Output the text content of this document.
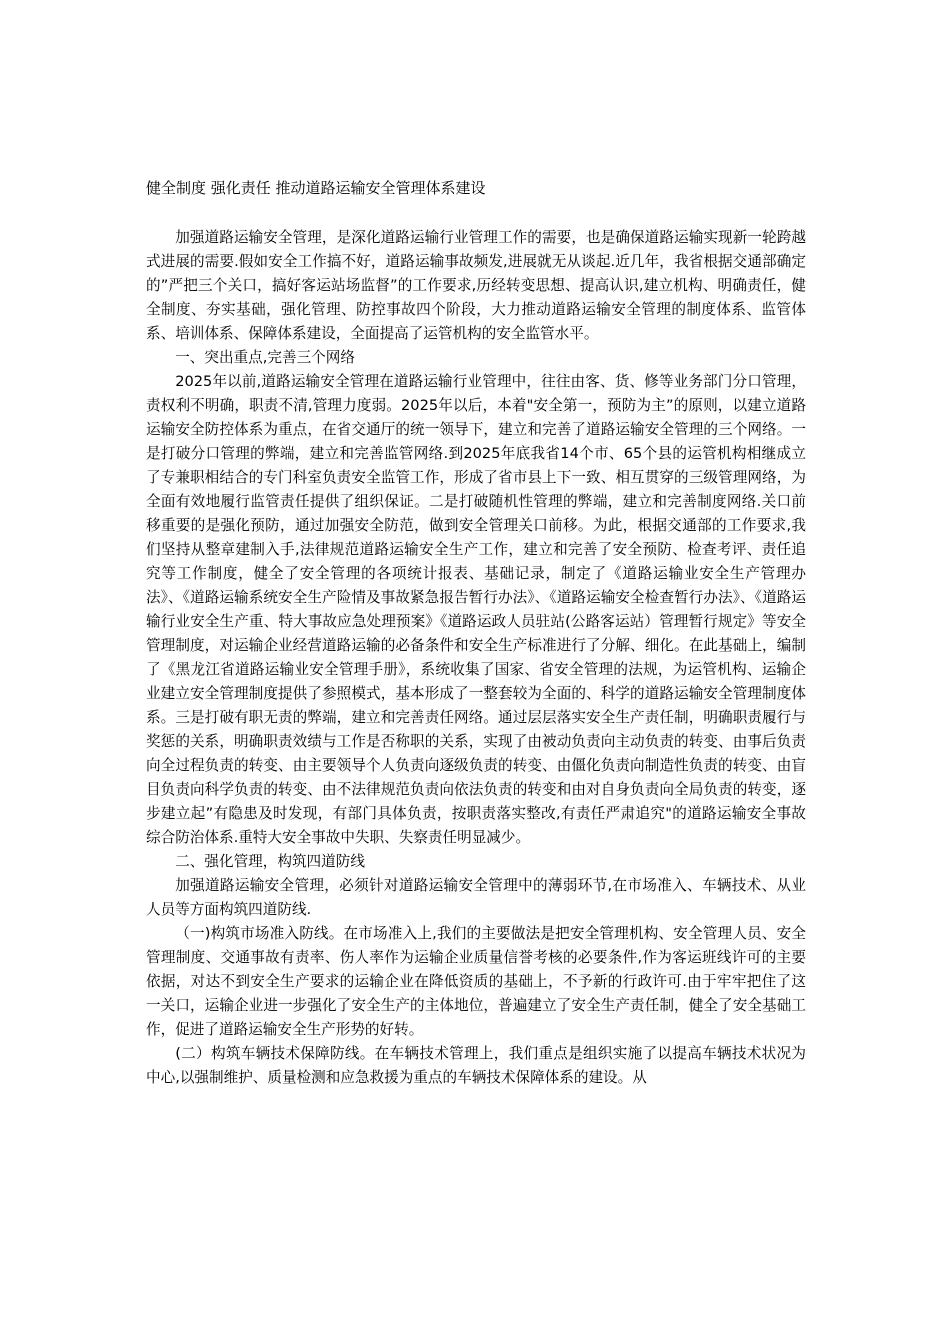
健全制度 强化责任 推动道路运输安全管理体系建设

加强道路运输安全管理，是深化道路运输行业管理工作的需要，也是确保道路运输实现新一轮跨越式进展的需要.假如安全工作搞不好，道路运输事故频发,进展就无从谈起.近几年，我省根据交通部确定的”严把三个关口，搞好客运站场监督”的工作要求,历经转变思想、提高认识,建立机构、明确责任，健全制度、夯实基础，强化管理、防控事故四个阶段，大力推动道路运输安全管理的制度体系、监管体系、培训体系、保障体系建设，全面提高了运管机构的安全监管水平。

一、突出重点,完善三个网络

2025年以前,道路运输安全管理在道路运输行业管理中，往往由客、货、修等业务部门分口管理，责权利不明确，职责不清,管理力度弱。2025年以后，本着"安全第一，预防为主”的原则，以建立道路运输安全防控体系为重点，在省交通厅的统一领导下，建立和完善了道路运输安全管理的三个网络。一是打破分口管理的弊端，建立和完善监管网络.到2025年底我省14个市、65个县的运管机构相继成立了专兼职相结合的专门科室负责安全监管工作，形成了省市县上下一致、相互贯穿的三级管理网络，为全面有效地履行监管责任提供了组织保证。二是打破随机性管理的弊端，建立和完善制度网络.关口前移重要的是强化预防，通过加强安全防范，做到安全管理关口前移。为此，根据交通部的工作要求,我们坚持从整章建制入手,法律规范道路运输安全生产工作，建立和完善了安全预防、检查考评、责任追究等工作制度，健全了安全管理的各项统计报表、基础记录，制定了《道路运输业安全生产管理办法》、《道路运输系统安全生产险情及事故紧急报告暂行办法》、《道路运输安全检查暂行办法》、《道路运输行业安全生产重、特大事故应急处理预案》《道路运政人员驻站(公路客运站）管理暂行规定》等安全管理制度，对运输企业经营道路运输的必备条件和安全生产标准进行了分解、细化。在此基础上，编制了《黑龙江省道路运输业安全管理手册》，系统收集了国家、省安全管理的法规，为运管机构、运输企业建立安全管理制度提供了参照模式，基本形成了一整套较为全面的、科学的道路运输安全管理制度体系。三是打破有职无责的弊端，建立和完善责任网络。通过层层落实安全生产责任制，明确职责履行与奖惩的关系，明确职责效绩与工作是否称职的关系，实现了由被动负责向主动负责的转变、由事后负责向全过程负责的转变、由主要领导个人负责向逐级负责的转变、由僵化负责向制造性负责的转变、由盲目负责向科学负责的转变、由不法律规范负责向依法负责的转变和由对自身负责向全局负责的转变，逐步建立起”有隐患及时发现，有部门具体负责，按职责落实整改,有责任严肃追究"的道路运输安全事故综合防治体系.重特大安全事故中失职、失察责任明显减少。

二、强化管理，构筑四道防线

加强道路运输安全管理，必须针对道路运输安全管理中的薄弱环节,在市场准入、车辆技术、从业人员等方面构筑四道防线.

（一)构筑市场准入防线。在市场准入上,我们的主要做法是把安全管理机构、安全管理人员、安全管理制度、交通事故有责率、伤人率作为运输企业质量信誉考核的必要条件,作为客运班线许可的主要依据，对达不到安全生产要求的运输企业在降低资质的基础上，不予新的行政许可.由于牢牢把住了这一关口，运输企业进一步强化了安全生产的主体地位，普遍建立了安全生产责任制，健全了安全基础工作，促进了道路运输安全生产形势的好转。

(二）构筑车辆技术保障防线。在车辆技术管理上，我们重点是组织实施了以提高车辆技术状况为中心,以强制维护、质量检测和应急救援为重点的车辆技术保障体系的建设。从
